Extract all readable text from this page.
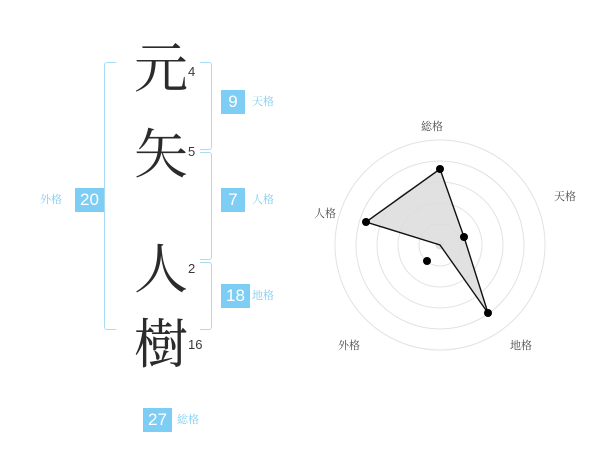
20
外格
元 4
矢 5
人 2
樹 16
9	天格
7	人格
18 地格
27 総格
総格
天格
地格
外格
人格
